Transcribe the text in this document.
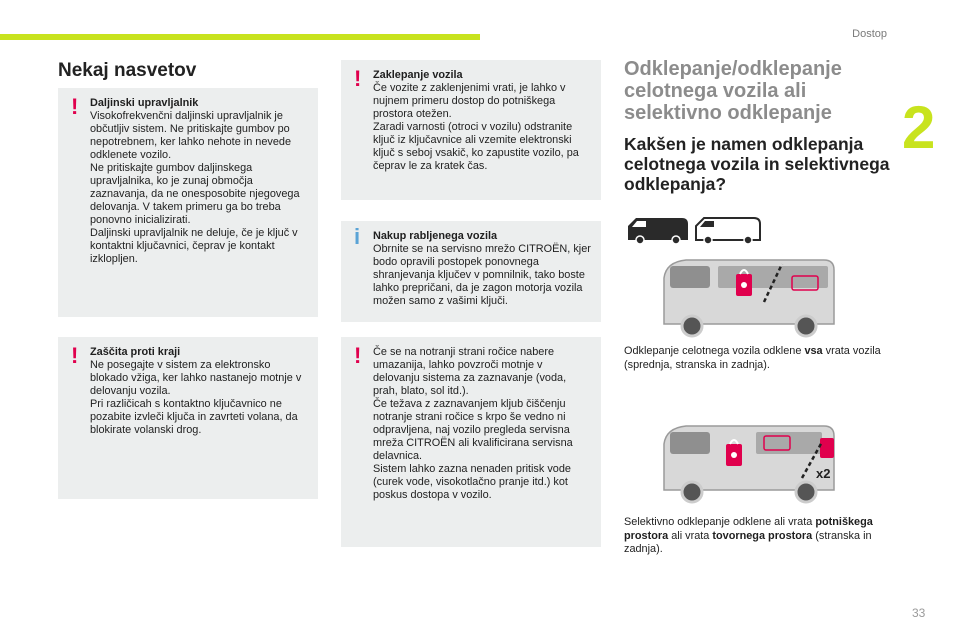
Dostop
2
33
Nekaj nasvetov
! Daljinski upravljalnik

Visokofrekvenčni daljinski upravljalnik je občutljiv sistem. Ne pritiskajte gumbov po nepotrebnem, ker lahko nehote in nevede odklenete vozilo.
Ne pritiskajte gumbov daljinskega upravljalnika, ko je zunaj območja zaznavanja, da ne onesposobite njegovega delovanja. V takem primeru ga bo treba ponovno inicializirati.
Daljinski upravljalnik ne deluje, če je ključ v kontaktni ključavnici, čeprav je kontakt izklopljen.

! Zaščita proti kraji

Ne posegajte v sistem za elektronsko blokado vžiga, ker lahko nastanejo motnje v delovanju vozila.
Pri različicah s kontaktno ključavnico ne pozabite izvleči ključa in zavrteti volana, da blokirate volanski drog.

! Zaklepanje vozila

Če vozite z zaklenjenimi vrati, je lahko v nujnem primeru dostop do potniškega prostora otežen.
Zaradi varnosti (otroci v vozilu) odstranite ključ iz ključavnice ali vzemite elektronski ključ s seboj vsakič, ko zapustite vozilo, pa čeprav le za kratek čas.

i Nakup rabljenega vozila

Obrnite se na servisno mrežo CITROËN, kjer bodo opravili postopek ponovnega shranjevanja ključev v pomnilnik, tako boste lahko prepričani, da je zagon motorja vozila možen samo z vašimi ključi.

! Če se na notranji strani ročice nabere umazanija, lahko povzroči motnje v delovanju sistema za zaznavanje (voda, prah, blato, sol itd.).
Če težava z zaznavanjem kljub čiščenju notranje strani ročice s krpo še vedno ni odpravljena, naj vozilo pregleda servisna mreža CITROËN ali kvalificirana servisna delavnica.
Sistem lahko zazna nenaden pritisk vode (curek vode, visokotlačno pranje itd.) kot poskus dostopa v vozilo.

Odklepanje/odklepanje celotnega vozila ali selektivno odklepanje
Kakšen je namen odklepanja celotnega vozila in selektivnega odklepanja?
Odklepanje celotnega vozila odklene vsa vrata vozila (sprednja, stranska in zadnja).
x2
Selektivno odklepanje odklene ali vrata potniškega prostora ali vrata tovornega prostora (stranska in zadnja).
